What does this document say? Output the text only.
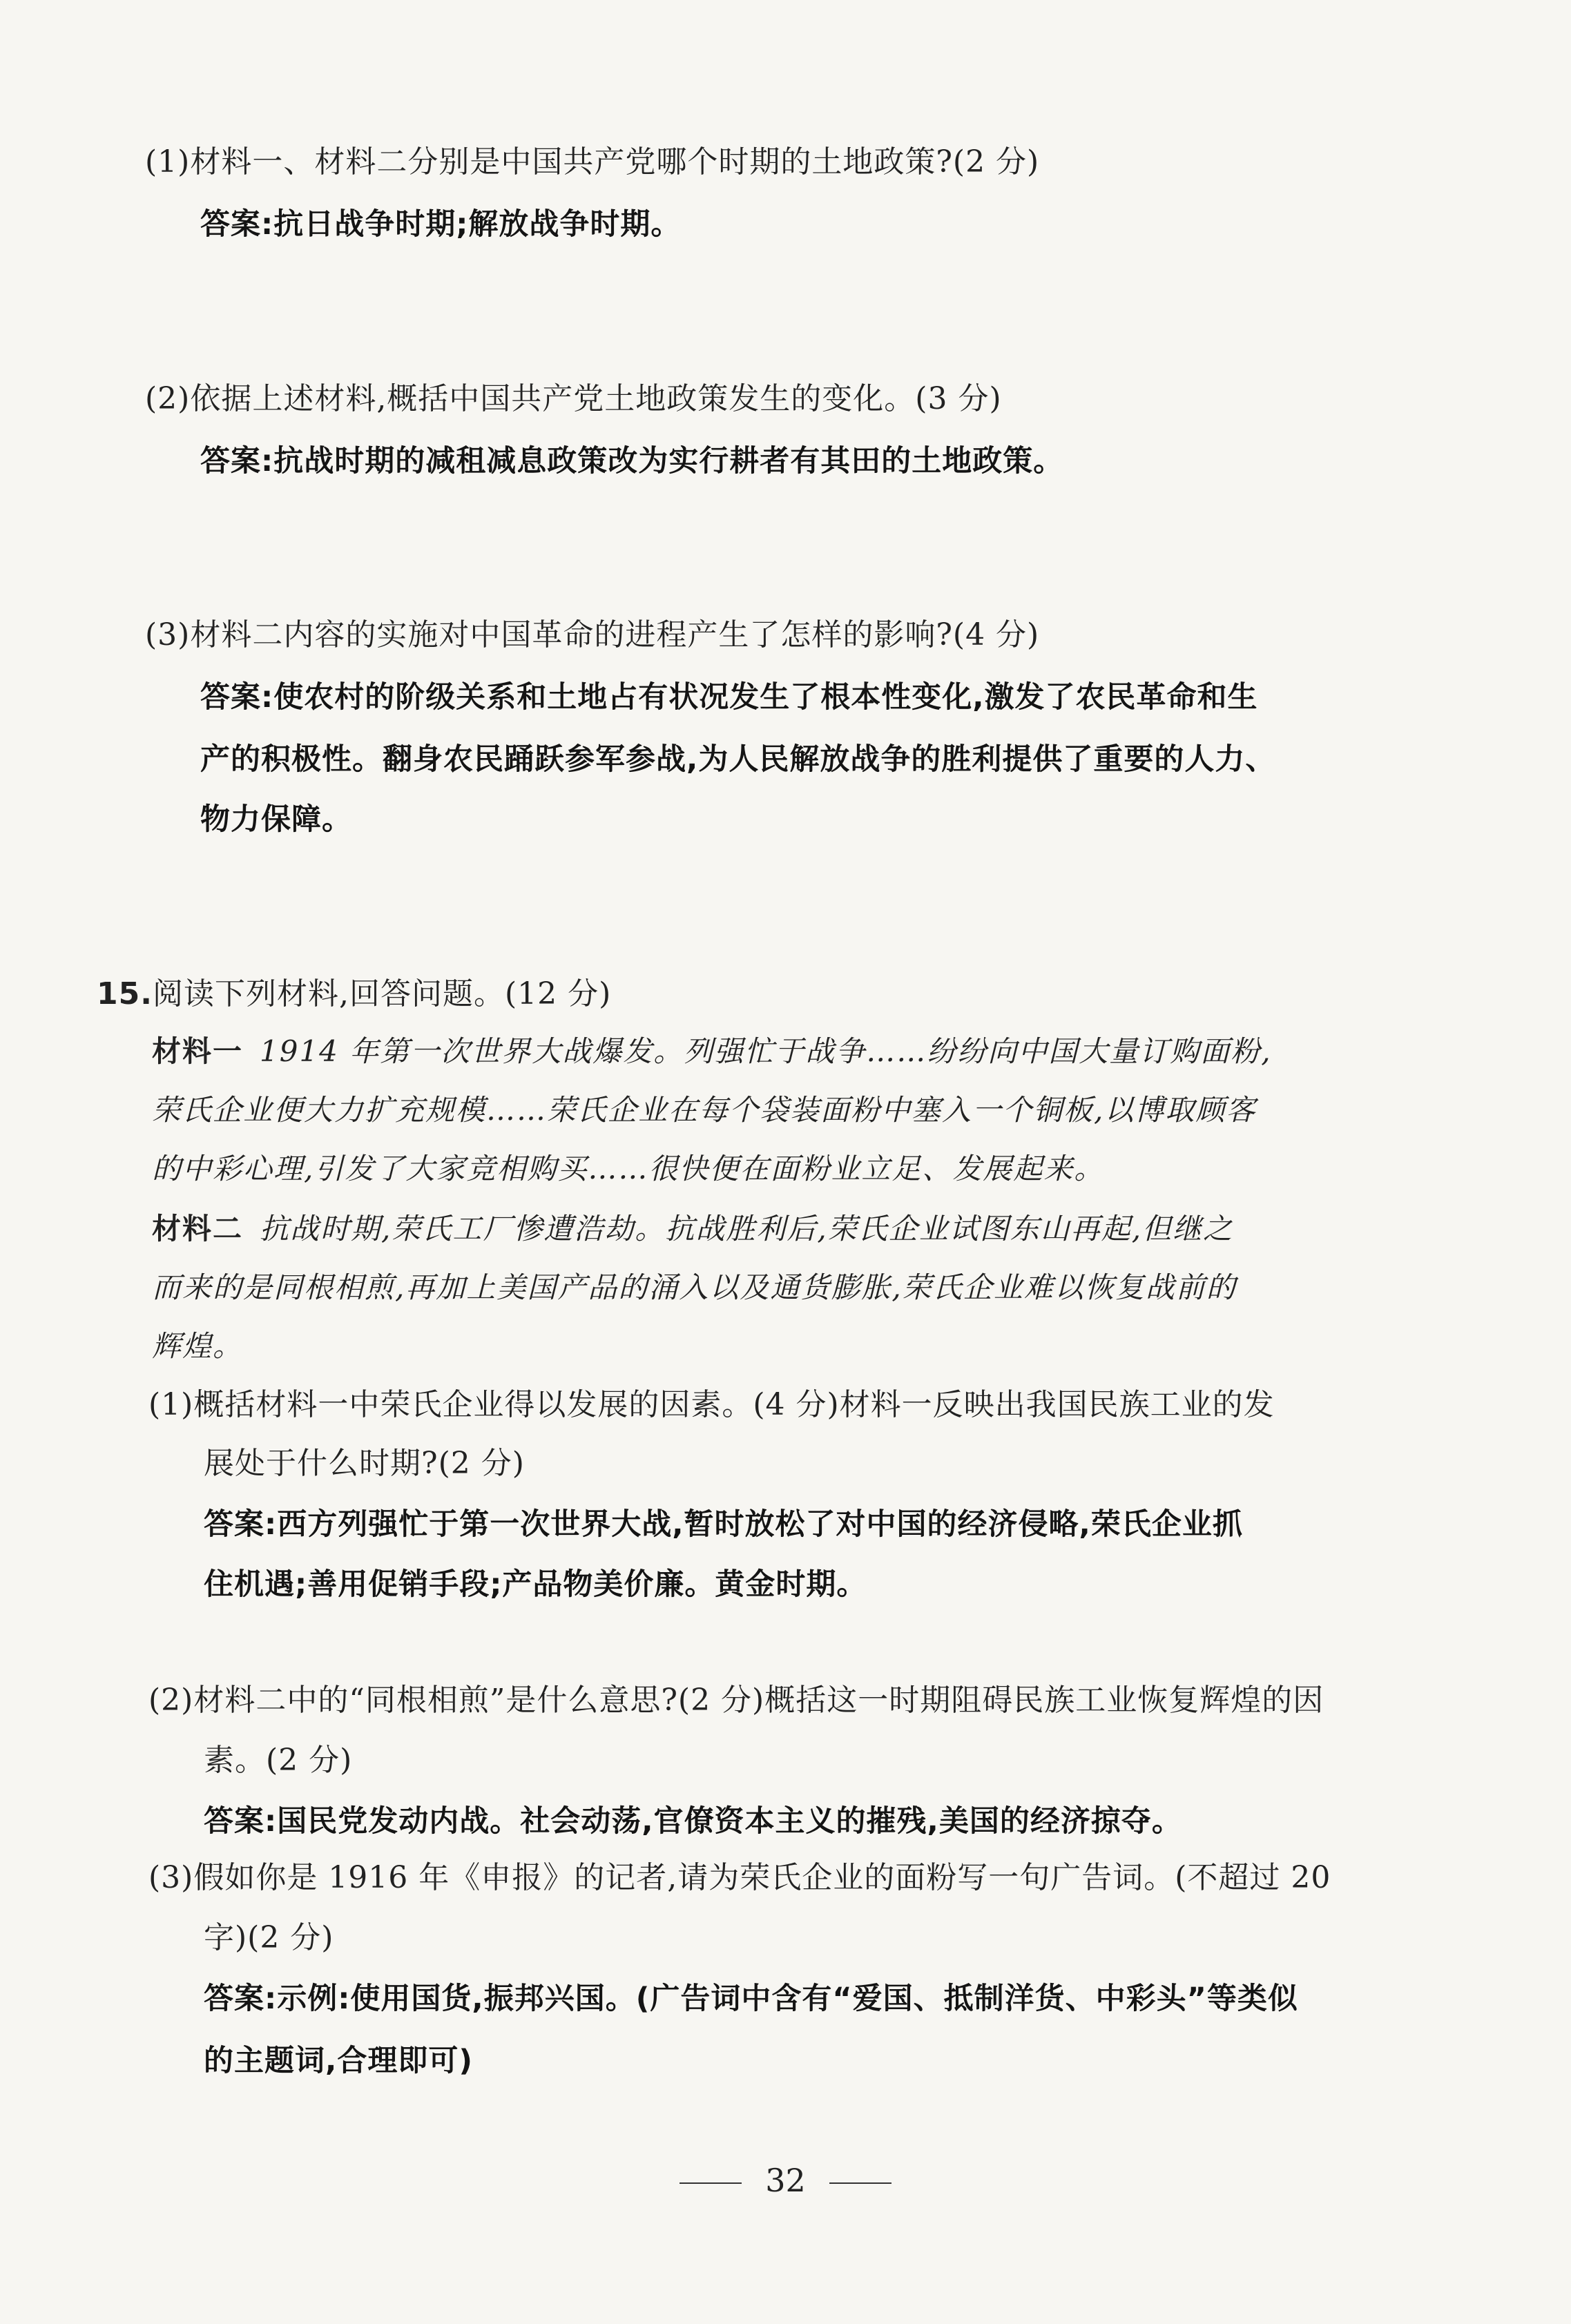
(1)材料一、材料二分别是中国共产党哪个时期的土地政策?(2 分)
答案:抗日战争时期;解放战争时期。
(2)依据上述材料,概括中国共产党土地政策发生的变化。(3 分)
答案:抗战时期的减租减息政策改为实行耕者有其田的土地政策。
(3)材料二内容的实施对中国革命的进程产生了怎样的影响?(4 分)
答案:使农村的阶级关系和土地占有状况发生了根本性变化,激发了农民革命和生
产的积极性。翻身农民踊跃参军参战,为人民解放战争的胜利提供了重要的人力、
物力保障。
15.阅读下列材料,回答问题。(12 分)
材料一 1914 年第一次世界大战爆发。列强忙于战争……纷纷向中国大量订购面粉,
荣氏企业便大力扩充规模……荣氏企业在每个袋装面粉中塞入一个铜板,以博取顾客
的中彩心理,引发了大家竞相购买……很快便在面粉业立足、发展起来。
材料二 抗战时期,荣氏工厂惨遭浩劫。抗战胜利后,荣氏企业试图东山再起,但继之
而来的是同根相煎,再加上美国产品的涌入以及通货膨胀,荣氏企业难以恢复战前的
辉煌。
(1)概括材料一中荣氏企业得以发展的因素。(4 分)材料一反映出我国民族工业的发
展处于什么时期?(2 分)
答案:西方列强忙于第一次世界大战,暂时放松了对中国的经济侵略,荣氏企业抓
住机遇;善用促销手段;产品物美价廉。黄金时期。
(2)材料二中的“同根相煎”是什么意思?(2 分)概括这一时期阻碍民族工业恢复辉煌的因
素。(2 分)
答案:国民党发动内战。社会动荡,官僚资本主义的摧残,美国的经济掠夺。
(3)假如你是 1916 年《申报》的记者,请为荣氏企业的面粉写一句广告词。(不超过 20
字)(2 分)
答案:示例:使用国货,振邦兴国。(广告词中含有“爱国、抵制洋货、中彩头”等类似
的主题词,合理即可)
32
